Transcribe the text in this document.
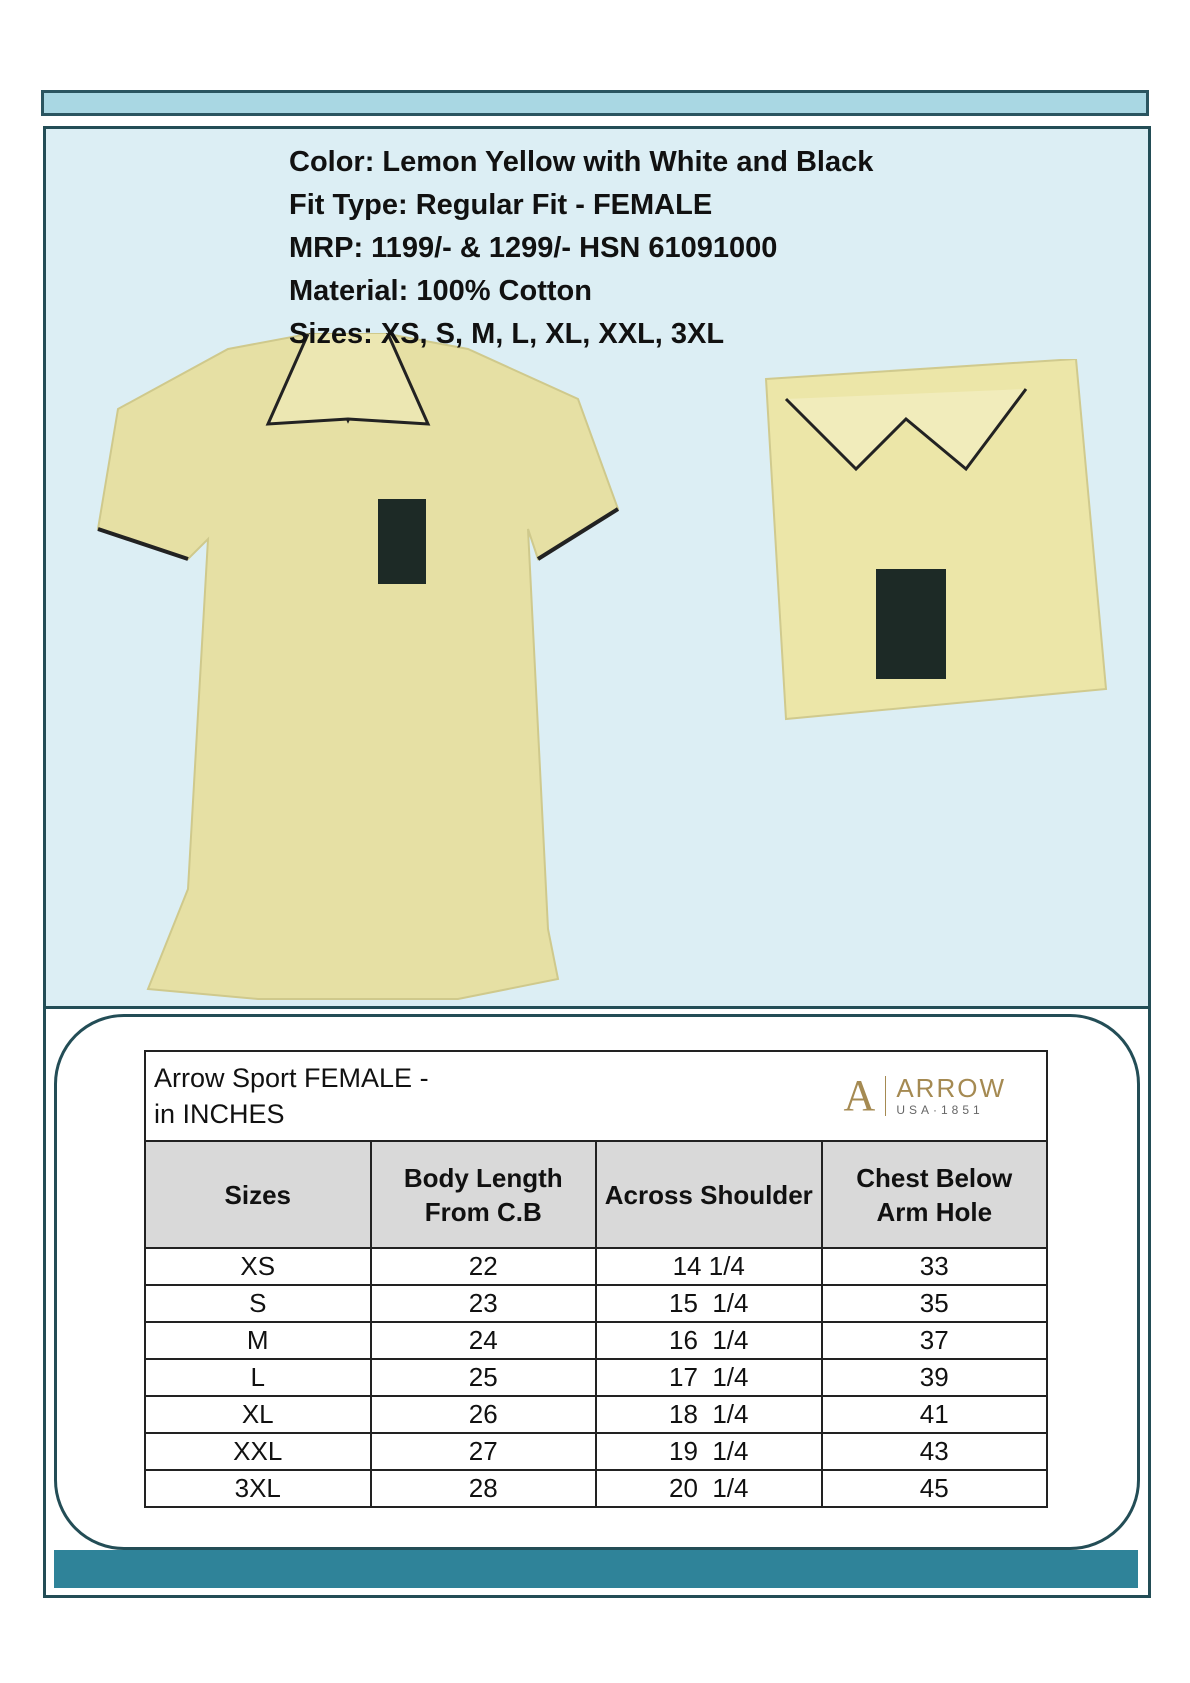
Color: Lemon Yellow with White and Black
Fit Type: Regular Fit - FEMALE
MRP: 1199/- & 1299/- HSN 61091000
Material: 100% Cotton
Sizes: XS, S, M, L, XL, XXL, 3XL
Arrow Sport FEMALE -
in INCHES A ARROW
USA·1851			

Sizes	Body Length From C.B	Across Shoulder	Chest Below Arm Hole
XS	22	14 1/4	33
S	23	15  1/4	35
M	24	16  1/4	37
L	25	17  1/4	39
XL	26	18  1/4	41
XXL	27	19  1/4	43
3XL	28	20  1/4	45
